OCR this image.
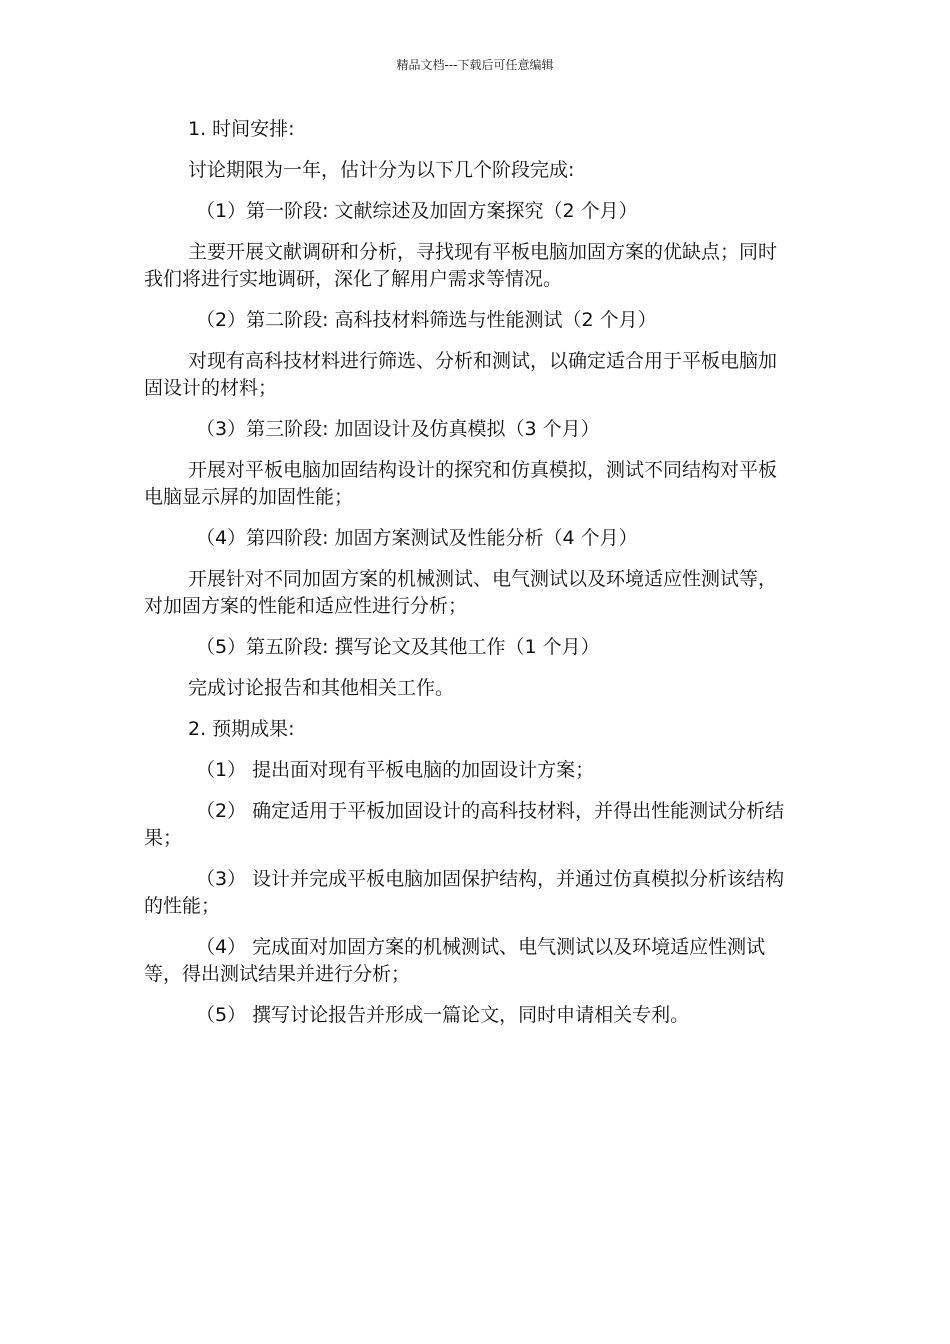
精品文档---下载后可任意编辑

1. 时间安排:

讨论期限为一年，估计分为以下几个阶段完成:

（1）第一阶段: 文献综述及加固方案探究（2 个月）

主要开展文献调研和分析，寻找现有平板电脑加固方案的优缺点；同时我们将进行实地调研，深化了解用户需求等情况。

（2）第二阶段: 高科技材料筛选与性能测试（2 个月）

对现有高科技材料进行筛选、分析和测试，以确定适合用于平板电脑加固设计的材料；

（3）第三阶段: 加固设计及仿真模拟（3 个月）

开展对平板电脑加固结构设计的探究和仿真模拟，测试不同结构对平板电脑显示屏的加固性能；

（4）第四阶段: 加固方案测试及性能分析（4 个月）

开展针对不同加固方案的机械测试、电气测试以及环境适应性测试等，对加固方案的性能和适应性进行分析；

（5）第五阶段: 撰写论文及其他工作（1 个月）

完成讨论报告和其他相关工作。

2. 预期成果:

（1） 提出面对现有平板电脑的加固设计方案；

（2） 确定适用于平板加固设计的高科技材料，并得出性能测试分析结果；

（3） 设计并完成平板电脑加固保护结构，并通过仿真模拟分析该结构的性能；

（4） 完成面对加固方案的机械测试、电气测试以及环境适应性测试等，得出测试结果并进行分析；

（5） 撰写讨论报告并形成一篇论文，同时申请相关专利。
